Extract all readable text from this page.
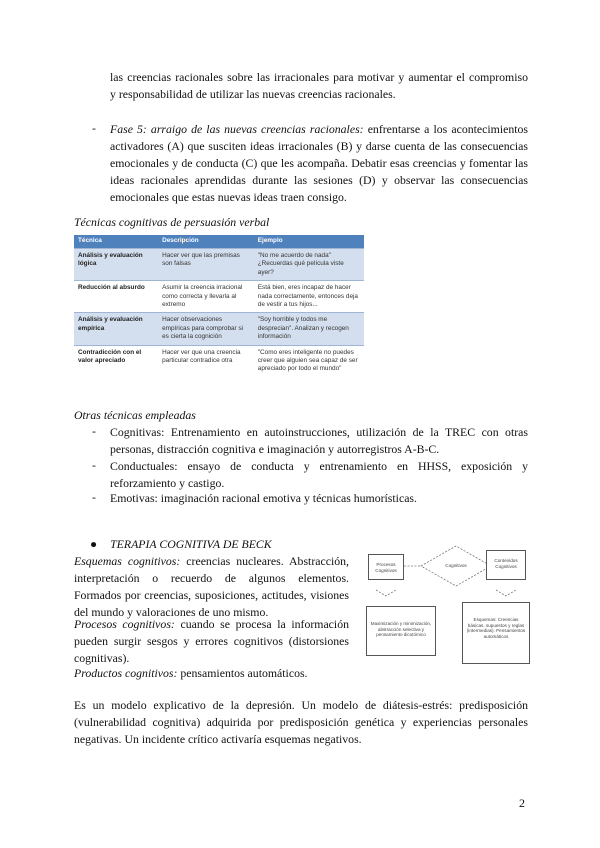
las creencias racionales sobre las irracionales para motivar y aumentar el compromiso
y responsabilidad de utilizar las nuevas creencias racionales.
- Fase 5: arraigo de las nuevas creencias racionales: enfrentarse a los acontecimientos activadores (A) que susciten ideas irracionales (B) y darse cuenta de las consecuencias emocionales y de conducta (C) que les acompaña. Debatir esas creencias y fomentar las ideas racionales aprendidas durante las sesiones (D) y observar las consecuencias emocionales que estas nuevas ideas traen consigo.
Técnicas cognitivas de persuasión verbal
Técnica	Descripción	Ejemplo
Análisis y evaluación lógica	Hacer ver que las premisas son falsas	"No me acuerdo de nada" ¿Recuerdas qué película viste ayer?
Reducción al absurdo	Asumir la creencia irracional como correcta y llevarla al extremo	Está bien, eres incapaz de hacer nada correctamente, entonces deja de vestir a tus hijos...
Análisis y evaluación empírica	Hacer observaciones empíricas para comprobar si es cierta la cognición	"Soy horrible y todos me desprecian". Analizan y recogen información
Contradicción con el valor apreciado	Hacer ver que una creencia particular contradice otra	"Como eres inteligente no puedes creer que alguien sea capaz de ser apreciado por todo el mundo"
Otras técnicas empleadas
- Cognitivas: Entrenamiento en autoinstrucciones, utilización de la TREC con otras personas, distracción cognitiva e imaginación y autorregistros A-B-C.
- Conductuales: ensayo de conducta y entrenamiento en HHSS, exposición y reforzamiento y castigo.
- Emotivas: imaginación racional emotiva y técnicas humorísticas.
● TERAPIA COGNITIVA DE BECK
Esquemas cognitivos: creencias nucleares. Abstracción, interpretación o recuerdo de algunos elementos. Formados por creencias, suposiciones, actitudes, visiones del mundo y valoraciones de uno mismo.
Procesos cognitivos: cuando se procesa la información pueden surgir sesgos y errores cognitivos (distorsiones cognitivas).
Productos cognitivos: pensamientos automáticos.
Procesos Cognitivos
Cognitivos
Contenidos Cognitivos
Maximización y minimización, abstracción selectiva y pensamiento dicotómico
Esquemas: Creencias básicas, supuestos y reglas (intermedias). Pensamientos automáticos
Es un modelo explicativo de la depresión. Un modelo de diátesis-estrés: predisposición (vulnerabilidad cognitiva) adquirida por predisposición genética y experiencias personales negativas. Un incidente crítico activaría esquemas negativos.
2
